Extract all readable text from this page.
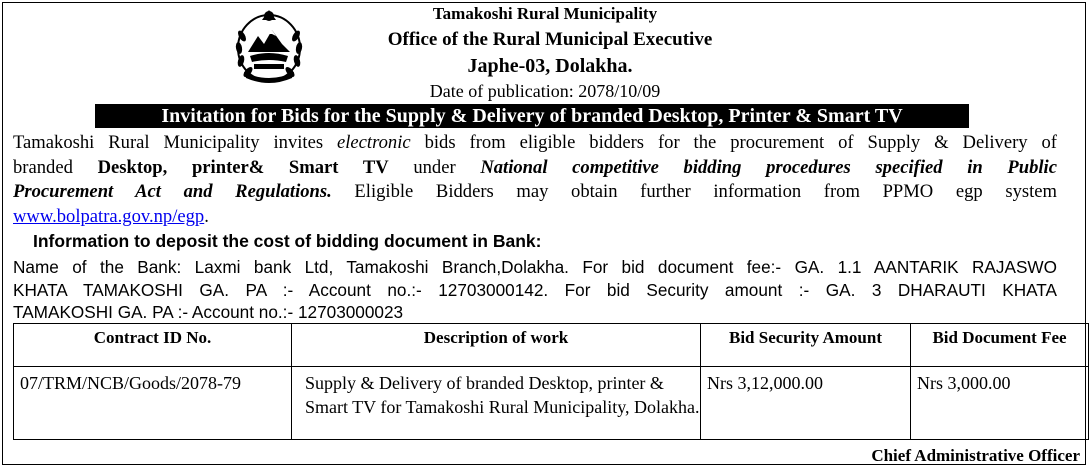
Tamakoshi Rural Municipality
Office of the Rural Municipal Executive
Japhe-03, Dolakha.
Date of publication: 2078/10/09
Invitation for Bids for the Supply & Delivery of branded Desktop, Printer & Smart TV
Tamakoshi Rural Municipality invites electronic bids from eligible bidders for the procurement of Supply & Delivery of
branded Desktop, printer& Smart TV under National competitive bidding procedures specified in Public
Procurement Act and Regulations. Eligible Bidders may obtain further information from PPMO egp system
www.bolpatra.gov.np/egp.
Information to deposit the cost of bidding document in Bank:
Name of the Bank: Laxmi bank Ltd, Tamakoshi Branch,Dolakha. For bid document fee:- GA. 1.1 AANTARIK RAJASWO
KHATA TAMAKOSHI GA. PA :- Account no.:- 12703000142. For bid Security amount :- GA. 3 DHARAUTI KHATA
TAMAKOSHI GA. PA :- Account no.:- 12703000023
Contract ID No.	Description of work	Bid Security Amount	Bid Document Fee
07/TRM/NCB/Goods/2078-79	Supply & Delivery of branded Desktop, printer & Smart TV for Tamakoshi Rural Municipality, Dolakha.	Nrs 3,12,000.00	Nrs 3,000.00
Chief Administrative Officer
